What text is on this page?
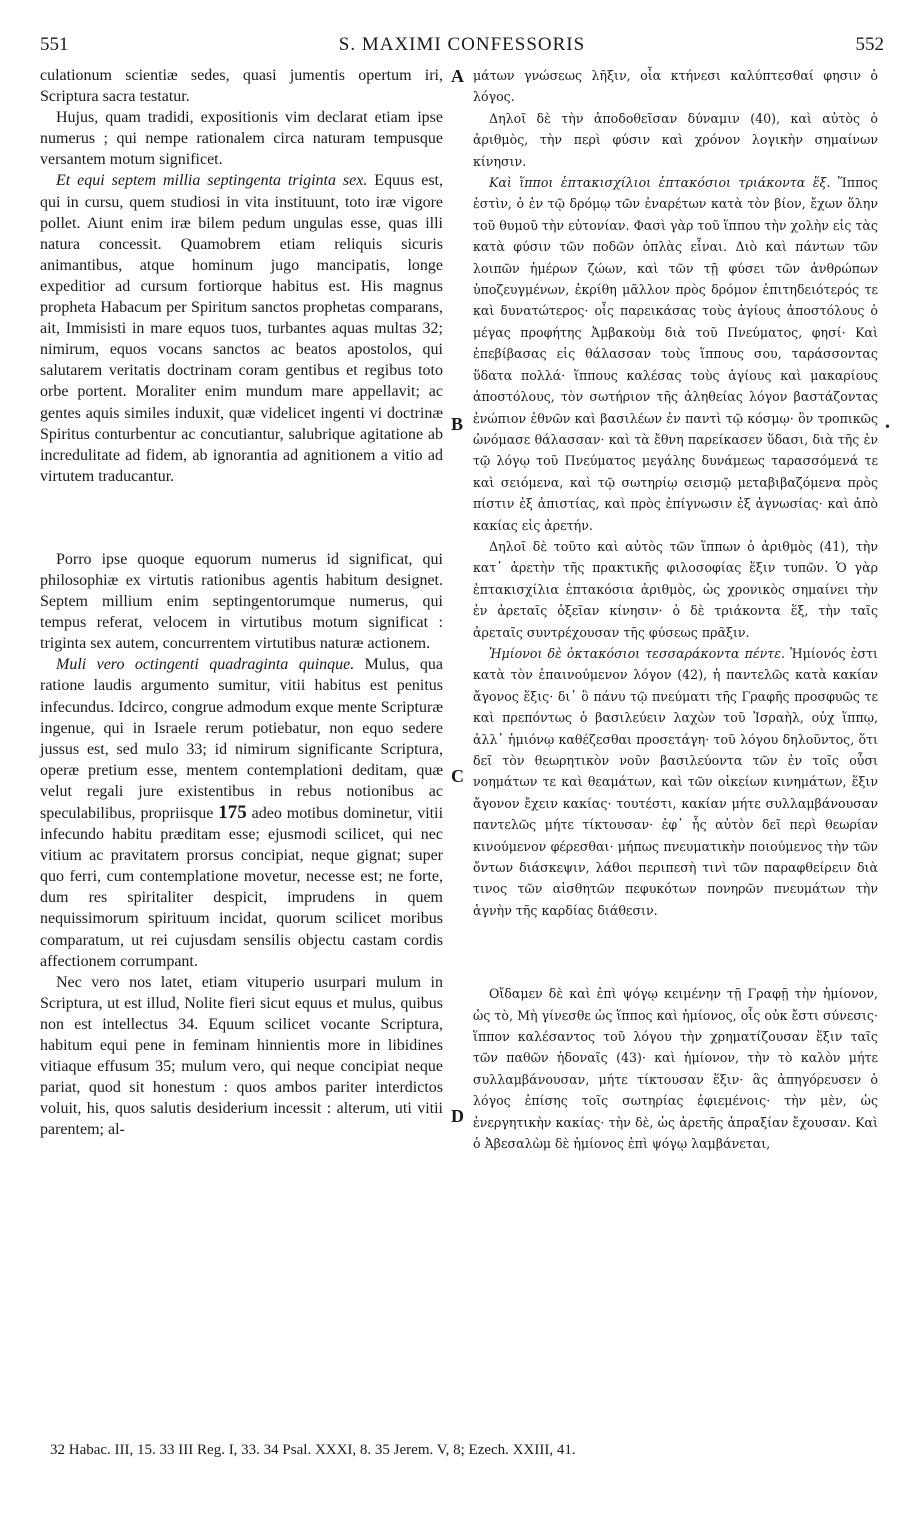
551	S. MAXIMI CONFESSORIS	552
A
B
C
D
•

culationum scientiæ sedes, quasi jumentis opertum iri, Scriptura sacra testatur.

Hujus, quam tradidi, expositionis vim declarat etiam ipse numerus ; qui nempe rationalem circa naturam tempusque versantem motum significet.

Et equi septem millia septingenta triginta sex. Equus est, qui in cursu, quem studiosi in vita instituunt, toto iræ vigore pollet. Aiunt enim iræ bilem pedum ungulas esse, quas illi natura concessit. Quamobrem etiam reliquis sicuris animantibus, atque hominum jugo mancipatis, longe expeditior ad cursum fortiorque habitus est. His magnus propheta Habacum per Spiritum sanctos prophetas comparans, ait, Immisisti in mare equos tuos, turbantes aquas multas 32; nimirum, equos vocans sanctos ac beatos apostolos, qui salutarem veritatis doctrinam coram gentibus et regibus toto orbe portent. Moraliter enim mundum mare appellavit; ac gentes aquis similes induxit, quæ videlicet ingenti vi doctrinæ Spiritus conturbentur ac concutiantur, salubrique agitatione ab incredulitate ad fidem, ab ignorantia ad agnitionem a vitio ad virtutem traducantur.

Porro ipse quoque equorum numerus id significat, qui philosophiæ ex virtutis rationibus agentis habitum designet. Septem millium enim septingentorumque numerus, qui tempus referat, velocem in virtutibus motum significat : triginta sex autem, concurrentem virtutibus naturæ actionem.

Muli vero octingenti quadraginta quinque. Mulus, qua ratione laudis argumento sumitur, vitii habitus est penitus infecundus. Idcirco, congrue admodum exque mente Scripturæ ingenue, qui in Israele rerum potiebatur, non equo sedere jussus est, sed mulo 33; id nimirum significante Scriptura, operæ pretium esse, mentem contemplationi deditam, quæ velut regali jure existentibus in rebus notionibus ac speculabilibus, propriisque 175 adeo motibus dominetur, vitii infecundo habitu præditam esse; ejusmodi scilicet, qui nec vitium ac pravitatem prorsus concipiat, neque gignat; super quo ferri, cum contemplatione movetur, necesse est; ne forte, dum res spiritaliter despicit, imprudens in quem nequissimorum spirituum incidat, quorum scilicet moribus comparatum, ut rei cujusdam sensilis objectu castam cordis affectionem corrumpant.

Nec vero nos latet, etiam vituperio usurpari mulum in Scriptura, ut est illud, Nolite fieri sicut equus et mulus, quibus non est intellectus 34. Equum scilicet vocante Scriptura, habitum equi pene in feminam hinnientis more in libidines vitiaque effusum 35; mulum vero, qui neque concipiat neque pariat, quod sit honestum : quos ambos pariter interdictos voluit, his, quos salutis desiderium incessit : alterum, uti vitii parentem; al-

μάτων γνώσεως λῆξιν, οἷα κτήνεσι καλύπτεσθαί φησιν ὁ λόγος.

Δηλοῖ δὲ τὴν ἀποδοθεῖσαν δύναμιν (40), καὶ αὐτὸς ὁ ἀριθμὸς, τὴν περὶ φύσιν καὶ χρόνον λογικὴν σημαίνων κίνησιν.

Καὶ ἵπποι ἑπτακισχίλιοι ἑπτακόσιοι τριάκοντα ἕξ. Ἵππος ἐστὶν, ὁ ἐν τῷ δρόμῳ τῶν ἐναρέτων κατὰ τὸν βίον, ἔχων ὅλην τοῦ θυμοῦ τὴν εὐτονίαν. Φασὶ γὰρ τοῦ ἵππου τὴν χολὴν εἰς τὰς κατὰ φύσιν τῶν ποδῶν ὁπλὰς εἶναι. Διὸ καὶ πάντων τῶν λοιπῶν ἡμέρων ζώων, καὶ τῶν τῇ φύσει τῶν ἀνθρώπων ὑποζευγμένων, ἐκρίθη μᾶλλον πρὸς δρόμον ἐπιτηδειότερός τε καὶ δυνατώτερος· οἷς παρεικάσας τοὺς ἁγίους ἀποστόλους ὁ μέγας προφήτης Ἀμβακοὺμ διὰ τοῦ Πνεύματος, φησί· Καὶ ἐπεβίβασας εἰς θάλασσαν τοὺς ἵππους σου, ταράσσοντας ὕδατα πολλά· ἵππους καλέσας τοὺς ἁγίους καὶ μακαρίους ἀποστόλους, τὸν σωτήριον τῆς ἀληθείας λόγον βαστάζοντας ἐνώπιον ἐθνῶν καὶ βασιλέων ἐν παντὶ τῷ κόσμῳ· ὃν τροπικῶς ὠνόμασε θάλασσαν· καὶ τὰ ἔθνη παρείκασεν ὕδασι, διὰ τῆς ἐν τῷ λόγῳ τοῦ Πνεύματος μεγάλης δυνάμεως ταρασσόμενά τε καὶ σειόμενα, καὶ τῷ σωτηρίῳ σεισμῷ μεταβιβαζόμενα πρὸς πίστιν ἐξ ἀπιστίας, καὶ πρὸς ἐπίγνωσιν ἐξ ἀγνωσίας· καὶ ἀπὸ κακίας εἰς ἀρετήν.

Δηλοῖ δὲ τοῦτο καὶ αὐτὸς τῶν ἵππων ὁ ἀριθμὸς (41), τὴν κατ᾽ ἀρετὴν τῆς πρακτικῆς φιλοσοφίας ἕξιν τυπῶν. Ὁ γὰρ ἑπτακισχίλια ἑπτακόσια ἀριθμὸς, ὡς χρονικὸς σημαίνει τὴν ἐν ἀρεταῖς ὀξεῖαν κίνησιν· ὁ δὲ τριάκοντα ἕξ, τὴν ταῖς ἀρεταῖς συντρέχουσαν τῆς φύσεως πρᾶξιν.

Ἡμίονοι δὲ ὀκτακόσιοι τεσσαράκοντα πέντε. Ἡμίονός ἐστι κατὰ τὸν ἐπαινούμενον λόγον (42), ἡ παντελῶς κατὰ κακίαν ἄγονος ἕξις· δι᾽ ὃ πάνυ τῷ πνεύματι τῆς Γραφῆς προσφυῶς τε καὶ πρεπόντως ὁ βασιλεύειν λαχὼν τοῦ Ἰσραὴλ, οὐχ ἵππῳ, ἀλλ᾽ ἡμιόνῳ καθέζεσθαι προσετάγη· τοῦ λόγου δηλοῦντος, ὅτι δεῖ τὸν θεωρητικὸν νοῦν βασιλεύοντα τῶν ἐν τοῖς οὖσι νοημάτων τε καὶ θεαμάτων, καὶ τῶν οἰκείων κινημάτων, ἕξιν ἄγονον ἔχειν κακίας· τουτέστι, κακίαν μήτε συλλαμβάνουσαν παντελῶς μήτε τίκτουσαν· ἐφ᾽ ἧς αὐτὸν δεῖ περὶ θεωρίαν κινούμενον φέρεσθαι· μήπως πνευματικὴν ποιούμενος τὴν τῶν ὄντων διάσκεψιν, λάθοι περιπεσὴ τινὶ τῶν παραφθείρειν διὰ τινος τῶν αἰσθητῶν πεφυκότων πονηρῶν πνευμάτων τὴν ἁγνὴν τῆς καρδίας διάθεσιν.

Οἴδαμεν δὲ καὶ ἐπὶ ψόγῳ κειμένην τῇ Γραφῇ τὴν ἡμίονον, ὡς τὸ, Μὴ γίνεσθε ὡς ἵππος καὶ ἡμίονος, οἷς οὐκ ἔστι σύνεσις· ἵππον καλέσαντος τοῦ λόγου τὴν χρηματίζουσαν ἕξιν ταῖς τῶν παθῶν ἡδοναῖς (43)· καὶ ἡμίονον, τὴν τὸ καλὸν μήτε συλλαμβάνουσαν, μήτε τίκτουσαν ἕξιν· ἃς ἀπηγόρευσεν ὁ λόγος ἐπίσης τοῖς σωτηρίας ἐφιεμένοις· τὴν μὲν, ὡς ἐνεργητικὴν κακίας· τὴν δὲ, ὡς ἀρετῆς ἀπραξίαν ἔχουσαν. Καὶ ὁ Ἀβεσαλὼμ δὲ ἡμίονος ἐπὶ ψόγῳ λαμβάνεται,

32 Habac. III, 15. 33 III Reg. I, 33. 34 Psal. XXXI, 8. 35 Jerem. V, 8; Ezech. XXIII, 41.
